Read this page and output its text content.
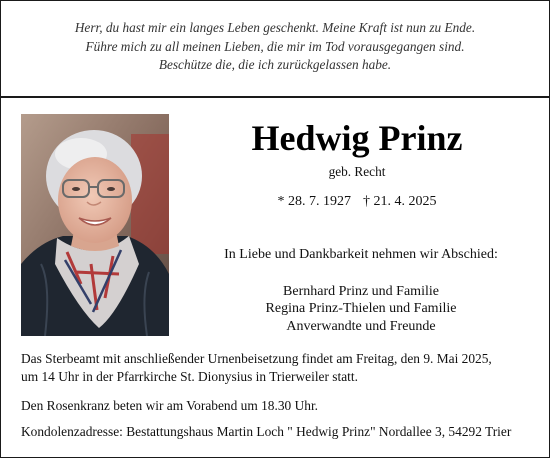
Herr, du hast mir ein langes Leben geschenkt. Meine Kraft ist nun zu Ende.
Führe mich zu all meinen Lieben, die mir im Tod vorausgegangen sind.
Beschütze die, die ich zurückgelassen habe.
Hedwig Prinz
geb. Recht
* 28. 7. 1927 † 21. 4. 2025
In Liebe und Dankbarkeit nehmen wir Abschied:
Bernhard Prinz und Familie
Regina Prinz-Thielen und Familie
Anverwandte und Freunde
Das Sterbeamt mit anschließender Urnenbeisetzung findet am Freitag, den 9. Mai 2025,
um 14 Uhr in der Pfarrkirche St. Dionysius in Trierweiler statt.
Den Rosenkranz beten wir am Vorabend um 18.30 Uhr.
Kondolenzadresse: Bestattungshaus Martin Loch " Hedwig Prinz" Nordallee 3, 54292 Trier
